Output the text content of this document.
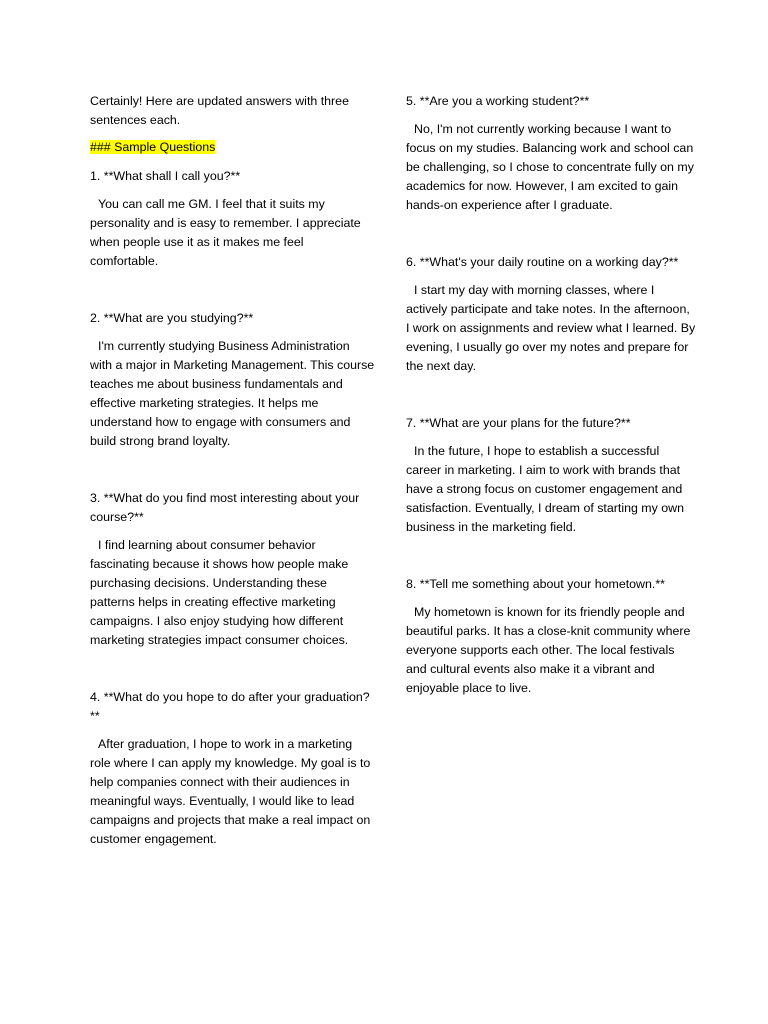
Certainly! Here are updated answers with three sentences each.

### Sample Questions

1. **What shall I call you?**

You can call me GM. I feel that it suits my personality and is easy to remember. I appreciate when people use it as it makes me feel comfortable.

2. **What are you studying?**

I'm currently studying Business Administration with a major in Marketing Management. This course teaches me about business fundamentals and effective marketing strategies. It helps me understand how to engage with consumers and build strong brand loyalty.

3. **What do you find most interesting about your course?**

I find learning about consumer behavior fascinating because it shows how people make purchasing decisions. Understanding these patterns helps in creating effective marketing campaigns. I also enjoy studying how different marketing strategies impact consumer choices.

4. **What do you hope to do after your graduation?**

After graduation, I hope to work in a marketing role where I can apply my knowledge. My goal is to help companies connect with their audiences in meaningful ways. Eventually, I would like to lead campaigns and projects that make a real impact on customer engagement.

5. **Are you a working student?**

No, I'm not currently working because I want to focus on my studies. Balancing work and school can be challenging, so I chose to concentrate fully on my academics for now. However, I am excited to gain hands-on experience after I graduate.

6. **What's your daily routine on a working day?**

I start my day with morning classes, where I actively participate and take notes. In the afternoon, I work on assignments and review what I learned. By evening, I usually go over my notes and prepare for the next day.

7. **What are your plans for the future?**

In the future, I hope to establish a successful career in marketing. I aim to work with brands that have a strong focus on customer engagement and satisfaction. Eventually, I dream of starting my own business in the marketing field.

8. **Tell me something about your hometown.**

My hometown is known for its friendly people and beautiful parks. It has a close-knit community where everyone supports each other. The local festivals and cultural events also make it a vibrant and enjoyable place to live.
